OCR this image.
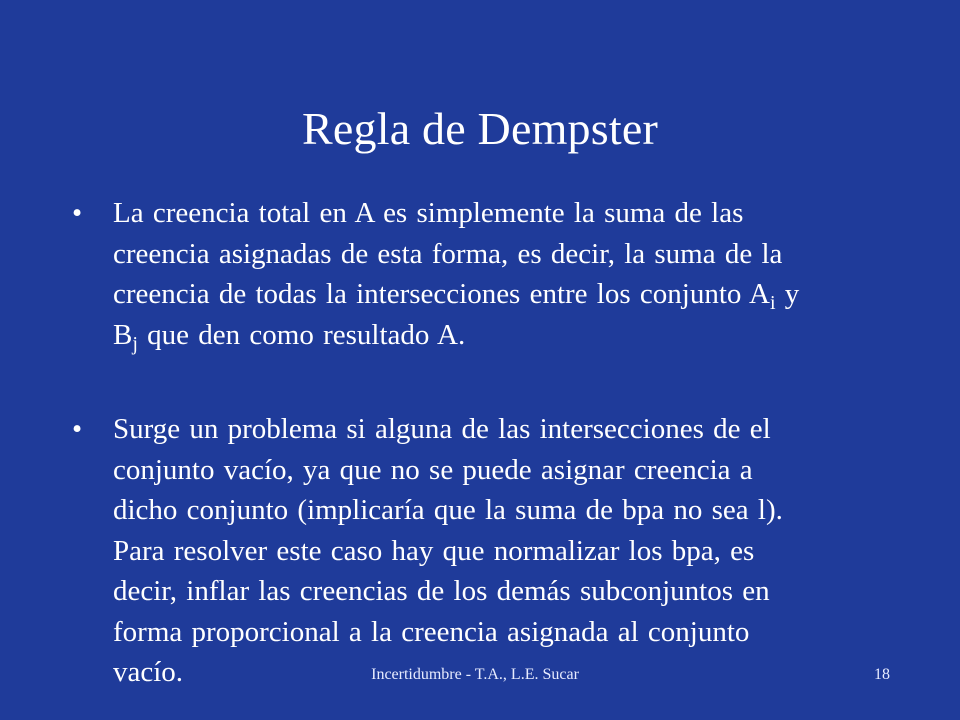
Regla de Dempster
• La creencia total en A es simplemente la suma de las
creencia asignadas de esta forma, es decir, la suma de la
creencia de todas la intersecciones entre los conjunto $A_i$ y
$B_j$ que den como resultado A.
• Surge un problema si alguna de las intersecciones de el
conjunto vacío, ya que no se puede asignar creencia a
dicho conjunto (implicaría que la suma de bpa no sea l).
Para resolver este caso hay que normalizar los bpa, es
decir, inflar las creencias de los demás subconjuntos en
forma proporcional a la creencia asignada al conjunto
vacío.	Incertidumbre - T.A., L.E. Sucar	18
